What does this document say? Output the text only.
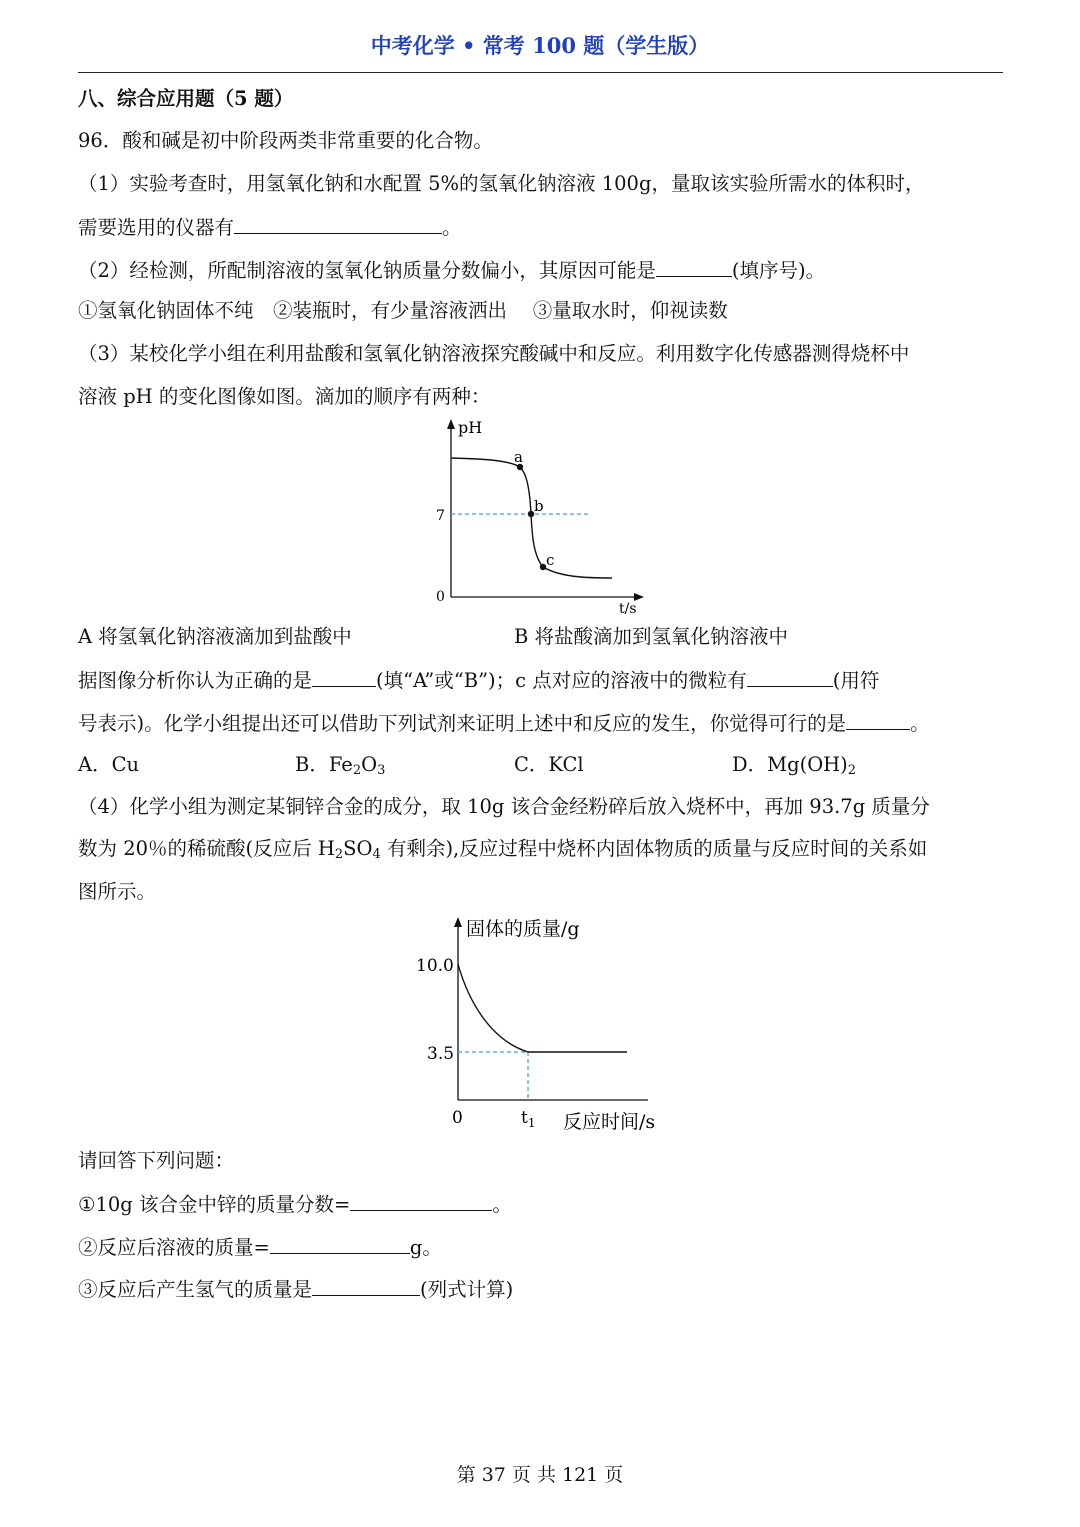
中考化学 • 常考 100 题（学生版）
八、综合应用题（5 题）
96．酸和碱是初中阶段两类非常重要的化合物。
（1）实验考查时，用氢氧化钠和水配置 5%的氢氧化钠溶液 100g，量取该实验所需水的体积时，
需要选用的仪器有	。
（2）经检测，所配制溶液的氢氧化钠质量分数偏小，其原因可能是	(填序号)。
①氢氧化钠固体不纯　②装瓶时，有少量溶液洒出　 ③量取水时，仰视读数
（3）某校化学小组在利用盐酸和氢氧化钠溶液探究酸碱中和反应。利用数字化传感器测得烧杯中
溶液 pH 的变化图像如图。滴加的顺序有两种：
pH
a
b
c
7
0
t/s
A 将氢氧化钠溶液滴加到盐酸中	B 将盐酸滴加到氢氧化钠溶液中
据图像分析你认为正确的是	(填“A”或“B”)；c 点对应的溶液中的微粒有	(用符
号表示)。化学小组提出还可以借助下列试剂来证明上述中和反应的发生，你觉得可行的是	。
A．Cu	B．$Fe_2O_3$	C．KCl	D．$Mg(OH)_2$
（4）化学小组为测定某铜锌合金的成分，取 10g 该合金经粉碎后放入烧杯中，再加 93.7g 质量分
数为 20％的稀硫酸(反应后 $H_2SO_4$ 有剩余),反应过程中烧杯内固体物质的质量与反应时间的关系如
图所示。
固体的质量/g
10.0
3.5
0	$t_1$ 反应时间/s
请回答下列问题：
①10g 该合金中锌的质量分数=	。
②反应后溶液的质量=	g。
③反应后产生氢气的质量是	(列式计算)
第 37 页 共 121 页
